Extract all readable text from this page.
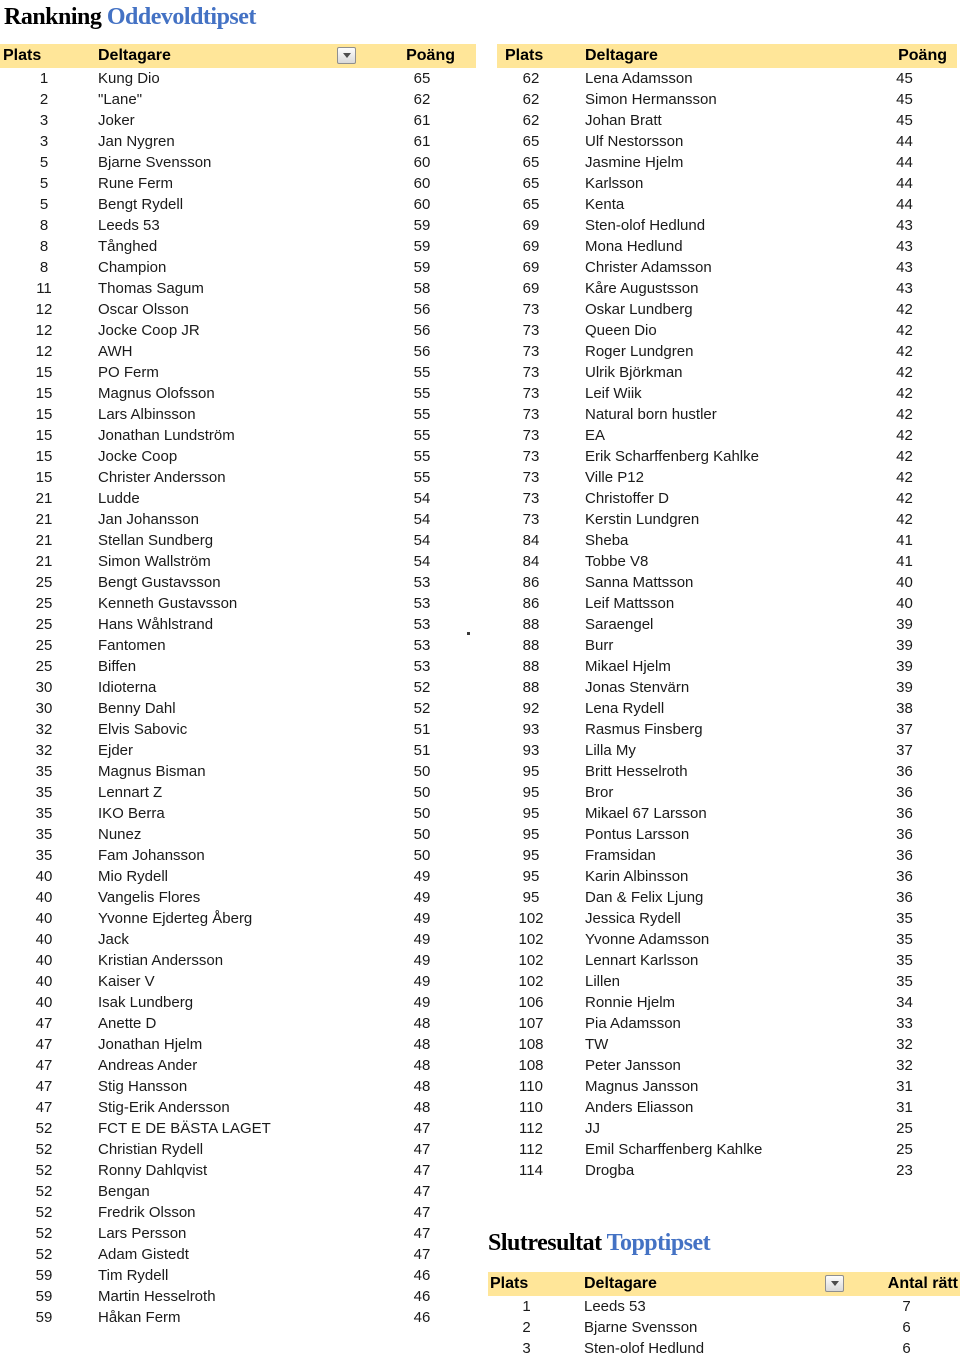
Rankning Oddevoldtipset
Plats	Deltagare	Poäng
1	Kung Dio	65
2	"Lane"	62
3	Joker	61
3	Jan Nygren	61
5	Bjarne Svensson	60
5	Rune Ferm	60
5	Bengt Rydell	60
8	Leeds 53	59
8	Tånghed	59
8	Champion	59
11	Thomas Sagum	58
12	Oscar Olsson	56
12	Jocke Coop JR	56
12	AWH	56
15	PO Ferm	55
15	Magnus Olofsson	55
15	Lars Albinsson	55
15	Jonathan Lundström	55
15	Jocke Coop	55
15	Christer Andersson	55
21	Ludde	54
21	Jan Johansson	54
21	Stellan Sundberg	54
21	Simon Wallström	54
25	Bengt Gustavsson	53
25	Kenneth Gustavsson	53
25	Hans Wåhlstrand	53
25	Fantomen	53
25	Biffen	53
30	Idioterna	52
30	Benny Dahl	52
32	Elvis Sabovic	51
32	Ejder	51
35	Magnus Bisman	50
35	Lennart Z	50
35	IKO Berra	50
35	Nunez	50
35	Fam Johansson	50
40	Mio Rydell	49
40	Vangelis Flores	49
40	Yvonne Ejderteg Åberg	49
40	Jack	49
40	Kristian Andersson	49
40	Kaiser V	49
40	Isak Lundberg	49
47	Anette D	48
47	Jonathan Hjelm	48
47	Andreas Ander	48
47	Stig Hansson	48
47	Stig-Erik Andersson	48
52	FCT E DE BÄSTA LAGET	47
52	Christian Rydell	47
52	Ronny Dahlqvist	47
52	Bengan	47
52	Fredrik Olsson	47
52	Lars Persson	47
52	Adam Gistedt	47
59	Tim Rydell	46
59	Martin Hesselroth	46
59	Håkan Ferm	46
Plats	Deltagare	Poäng
62	Lena Adamsson	45
62	Simon Hermansson	45
62	Johan Bratt	45
65	Ulf Nestorsson	44
65	Jasmine Hjelm	44
65	Karlsson	44
65	Kenta	44
69	Sten-olof Hedlund	43
69	Mona Hedlund	43
69	Christer Adamsson	43
69	Kåre Augustsson	43
73	Oskar Lundberg	42
73	Queen Dio	42
73	Roger Lundgren	42
73	Ulrik Björkman	42
73	Leif Wiik	42
73	Natural born hustler	42
73	EA	42
73	Erik Scharffenberg Kahlke	42
73	Ville P12	42
73	Christoffer D	42
73	Kerstin Lundgren	42
84	Sheba	41
84	Tobbe V8	41
86	Sanna Mattsson	40
86	Leif Mattsson	40
88	Saraengel	39
88	Burr	39
88	Mikael Hjelm	39
88	Jonas Stenvärn	39
92	Lena Rydell	38
93	Rasmus Finsberg	37
93	Lilla My	37
95	Britt Hesselroth	36
95	Bror	36
95	Mikael 67 Larsson	36
95	Pontus Larsson	36
95	Framsidan	36
95	Karin Albinsson	36
95	Dan & Felix Ljung	36
102	Jessica Rydell	35
102	Yvonne Adamsson	35
102	Lennart Karlsson	35
102	Lillen	35
106	Ronnie Hjelm	34
107	Pia Adamsson	33
108	TW	32
108	Peter Jansson	32
110	Magnus Jansson	31
110	Anders Eliasson	31
112	JJ	25
112	Emil Scharffenberg Kahlke	25
114	Drogba	23
Slutresultat Topptipset
Plats	Deltagare	Antal rätt
1	Leeds 53	7
2	Bjarne Svensson	6
3	Sten-olof Hedlund	6
